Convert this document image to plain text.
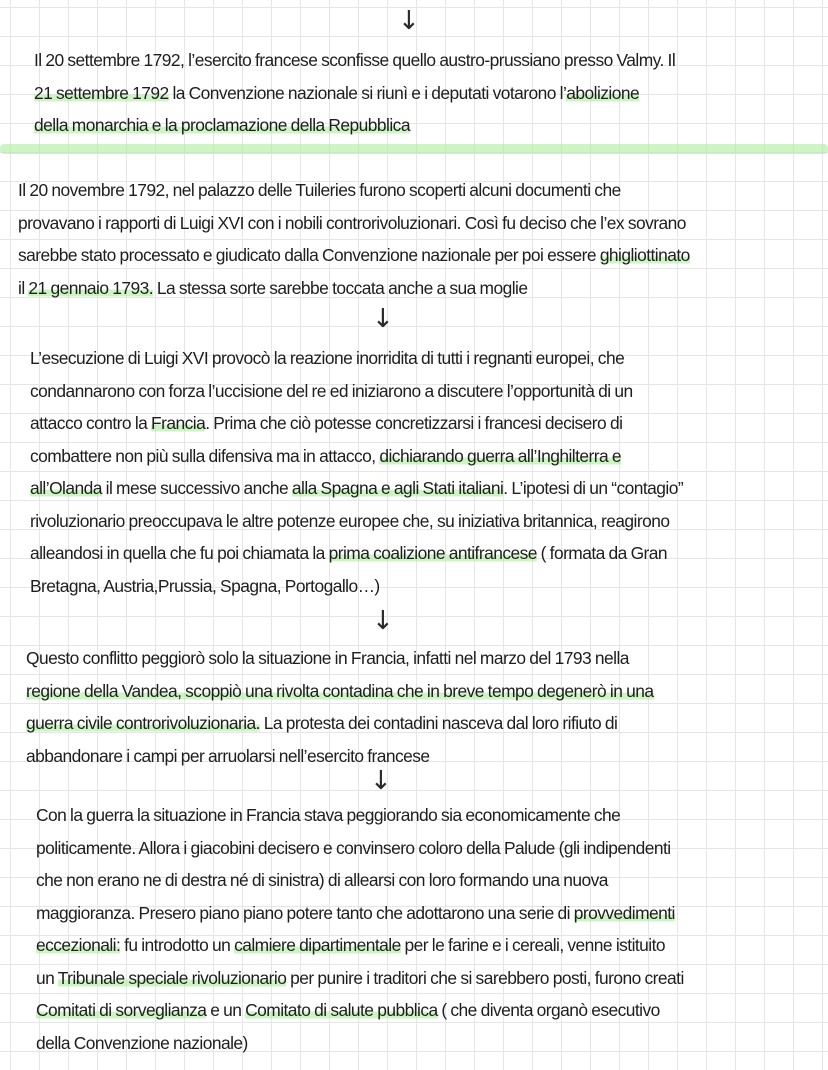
↓
Il 20 settembre 1792, l’esercito francese sconfisse quello austro-prussiano presso Valmy. Il
21 settembre 1792 la Convenzione nazionale si riunì e i deputati votarono l’abolizione
della monarchia e la proclamazione della Repubblica
Il 20 novembre 1792, nel palazzo delle Tuileries furono scoperti alcuni documenti che
provavano i rapporti di Luigi XVI con i nobili controrivoluzionari. Così fu deciso che l’ex sovrano
sarebbe stato processato e giudicato dalla Convenzione nazionale per poi essere ghigliottinato
il 21 gennaio 1793. La stessa sorte sarebbe toccata anche a sua moglie
↓
L’esecuzione di Luigi XVI provocò la reazione inorridita di tutti i regnanti europei, che
condannarono con forza l’uccisione del re ed iniziarono a discutere l’opportunità di un
attacco contro la Francia. Prima che ciò potesse concretizzarsi i francesi decisero di
combattere non più sulla difensiva ma in attacco, dichiarando guerra all’Inghilterra e
all’Olanda il mese successivo anche alla Spagna e agli Stati italiani. L’ipotesi di un “contagio”
rivoluzionario preoccupava le altre potenze europee che, su iniziativa britannica, reagirono
alleandosi in quella che fu poi chiamata la prima coalizione antifrancese ( formata da Gran
Bretagna, Austria,Prussia, Spagna, Portogallo…)
↓
Questo conflitto peggiorò solo la situazione in Francia, infatti nel marzo del 1793 nella
regione della Vandea, scoppiò una rivolta contadina che in breve tempo degenerò in una
guerra civile controrivoluzionaria. La protesta dei contadini nasceva dal loro rifiuto di
abbandonare i campi per arruolarsi nell’esercito francese
↓
Con la guerra la situazione in Francia stava peggiorando sia economicamente che
politicamente. Allora i giacobini decisero e convinsero coloro della Palude (gli indipendenti
che non erano ne di destra né di sinistra) di allearsi con loro formando una nuova
maggioranza. Presero piano piano potere tanto che adottarono una serie di provvedimenti
eccezionali: fu introdotto un calmiere dipartimentale per le farine e i cereali, venne istituito
un Tribunale speciale rivoluzionario per punire i traditori che si sarebbero posti, furono creati
Comitati di sorveglianza e un Comitato di salute pubblica ( che diventa organò esecutivo
della Convenzione nazionale)
